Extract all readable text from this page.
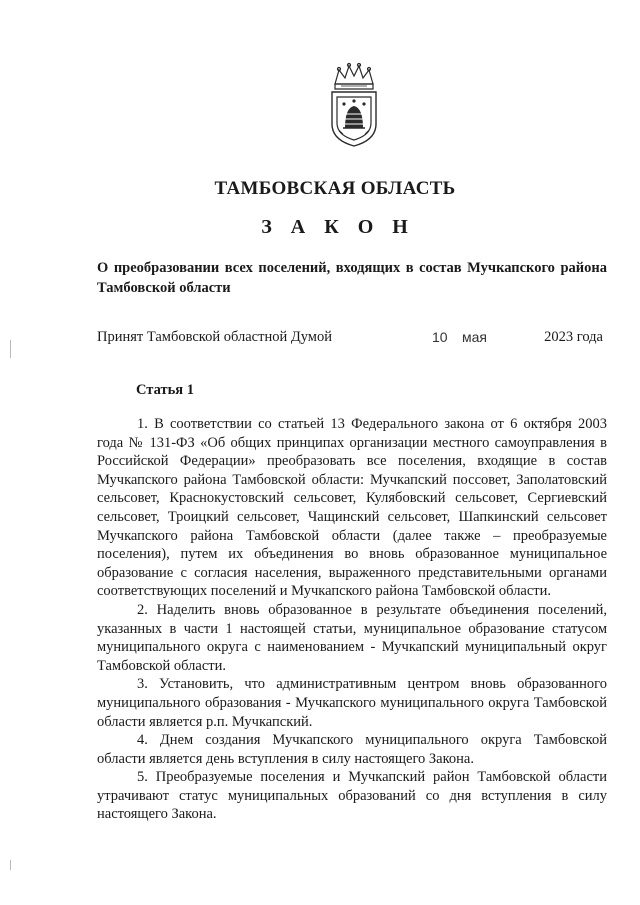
ТАМБОВСКАЯ ОБЛАСТЬ
З А К О Н
О преобразовании всех поселений, входящих в состав Мучкапского района Тамбовской области
Принят Тамбовской областной Думой	10 мая	2023 года
Статья 1

1. В соответствии со статьей 13 Федерального закона от 6 октября 2003 года № 131-ФЗ «Об общих принципах организации местного самоуправления в Российской Федерации» преобразовать все поселения, входящие в состав Мучкапского района Тамбовской области: Мучкапский поссовет, Заполатовский сельсовет, Краснокустовский сельсовет, Кулябовский сельсовет, Сергиевский сельсовет, Троицкий сельсовет, Чащинский сельсовет, Шапкинский сельсовет Мучкапского района Тамбовской области (далее также – преобразуемые поселения), путем их объединения во вновь образованное муниципальное образование с согласия населения, выраженного представительными органами соответствующих поселений и Мучкапского района Тамбовской области.

2. Наделить вновь образованное в результате объединения поселений, указанных в части 1 настоящей статьи, муниципальное образование статусом муниципального округа с наименованием - Мучкапский муниципальный округ Тамбовской области.

3. Установить, что административным центром вновь образованного муниципального образования - Мучкапского муниципального округа Тамбовской области является р.п. Мучкапский.

4. Днем создания Мучкапского муниципального округа Тамбовской области является день вступления в силу настоящего Закона.

5. Преобразуемые поселения и Мучкапский район Тамбовской области утрачивают статус муниципальных образований со дня вступления в силу настоящего Закона.
